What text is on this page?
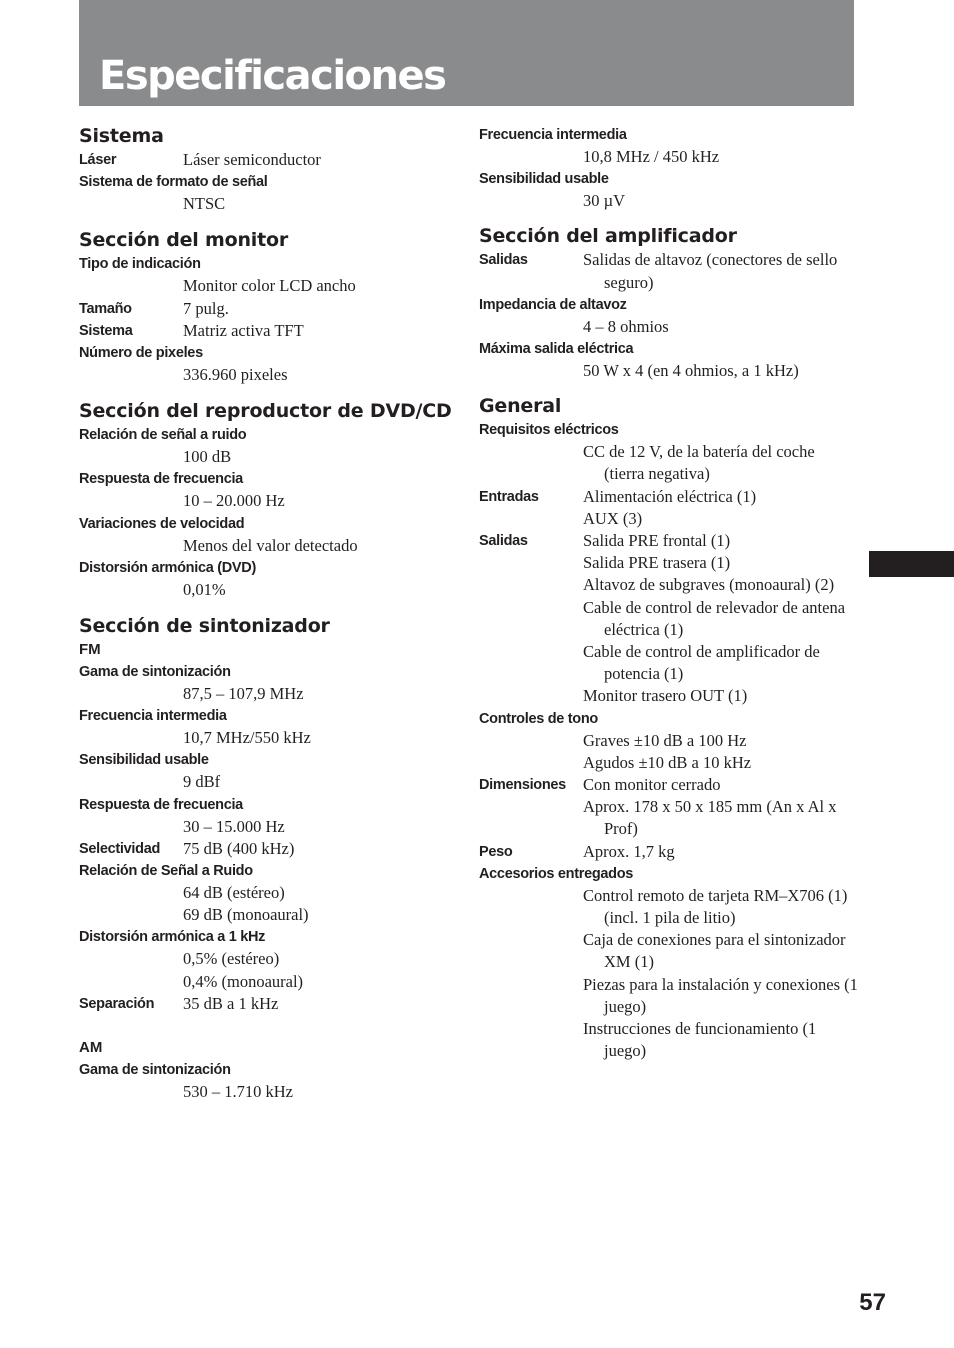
Especificaciones
Sistema
Láser	Láser semiconductor
Sistema de formato de señal
NTSC
Sección del monitor
Tipo de indicación
Monitor color LCD ancho
Tamaño	7 pulg.
Sistema	Matriz activa TFT
Número de pixeles
336.960 pixeles
Sección del reproductor de DVD/CD
Relación de señal a ruido
100 dB
Respuesta de frecuencia
10 – 20.000 Hz
Variaciones de velocidad
Menos del valor detectado
Distorsión armónica (DVD)
0,01%
Sección de sintonizador
FM
Gama de sintonización
87,5 – 107,9 MHz
Frecuencia intermedia
10,7 MHz/550 kHz
Sensibilidad usable
9 dBf
Respuesta de frecuencia
30 – 15.000 Hz
Selectividad 75 dB (400 kHz)
Relación de Señal a Ruido
64 dB (estéreo)
69 dB (monoaural)
Distorsión armónica a 1 kHz
0,5% (estéreo)
0,4% (monoaural)
Separación 35 dB a 1 kHz
AM
Gama de sintonización
530 – 1.710 kHz
Frecuencia intermedia
10,8 MHz / 450 kHz
Sensibilidad usable
30 µV
Sección del amplificador
Salidas	Salidas de altavoz (conectores de sello seguro)
Impedancia de altavoz
4 – 8 ohmios
Máxima salida eléctrica
50 W x 4 (en 4 ohmios, a 1 kHz)
General
Requisitos eléctricos
CC de 12 V, de la batería del coche (tierra negativa)
Entradas	Alimentación eléctrica (1)
AUX (3)
Salidas	Salida PRE frontal (1)
Salida PRE trasera (1)
Altavoz de subgraves (monoaural) (2)
Cable de control de relevador de antena eléctrica (1)
Cable de control de amplificador de potencia (1)
Monitor trasero OUT (1)
Controles de tono
Graves ±10 dB a 100 Hz
Agudos ±10 dB a 10 kHz
Dimensiones Con monitor cerrado
Aprox. 178 x 50 x 185 mm (An x Al x Prof)
Peso	Aprox. 1,7 kg
Accesorios entregados
Control remoto de tarjeta RM–X706 (1) (incl. 1 pila de litio)
Caja de conexiones para el sintonizador XM (1)
Piezas para la instalación y conexiones (1 juego)
Instrucciones de funcionamiento (1 juego)
57
